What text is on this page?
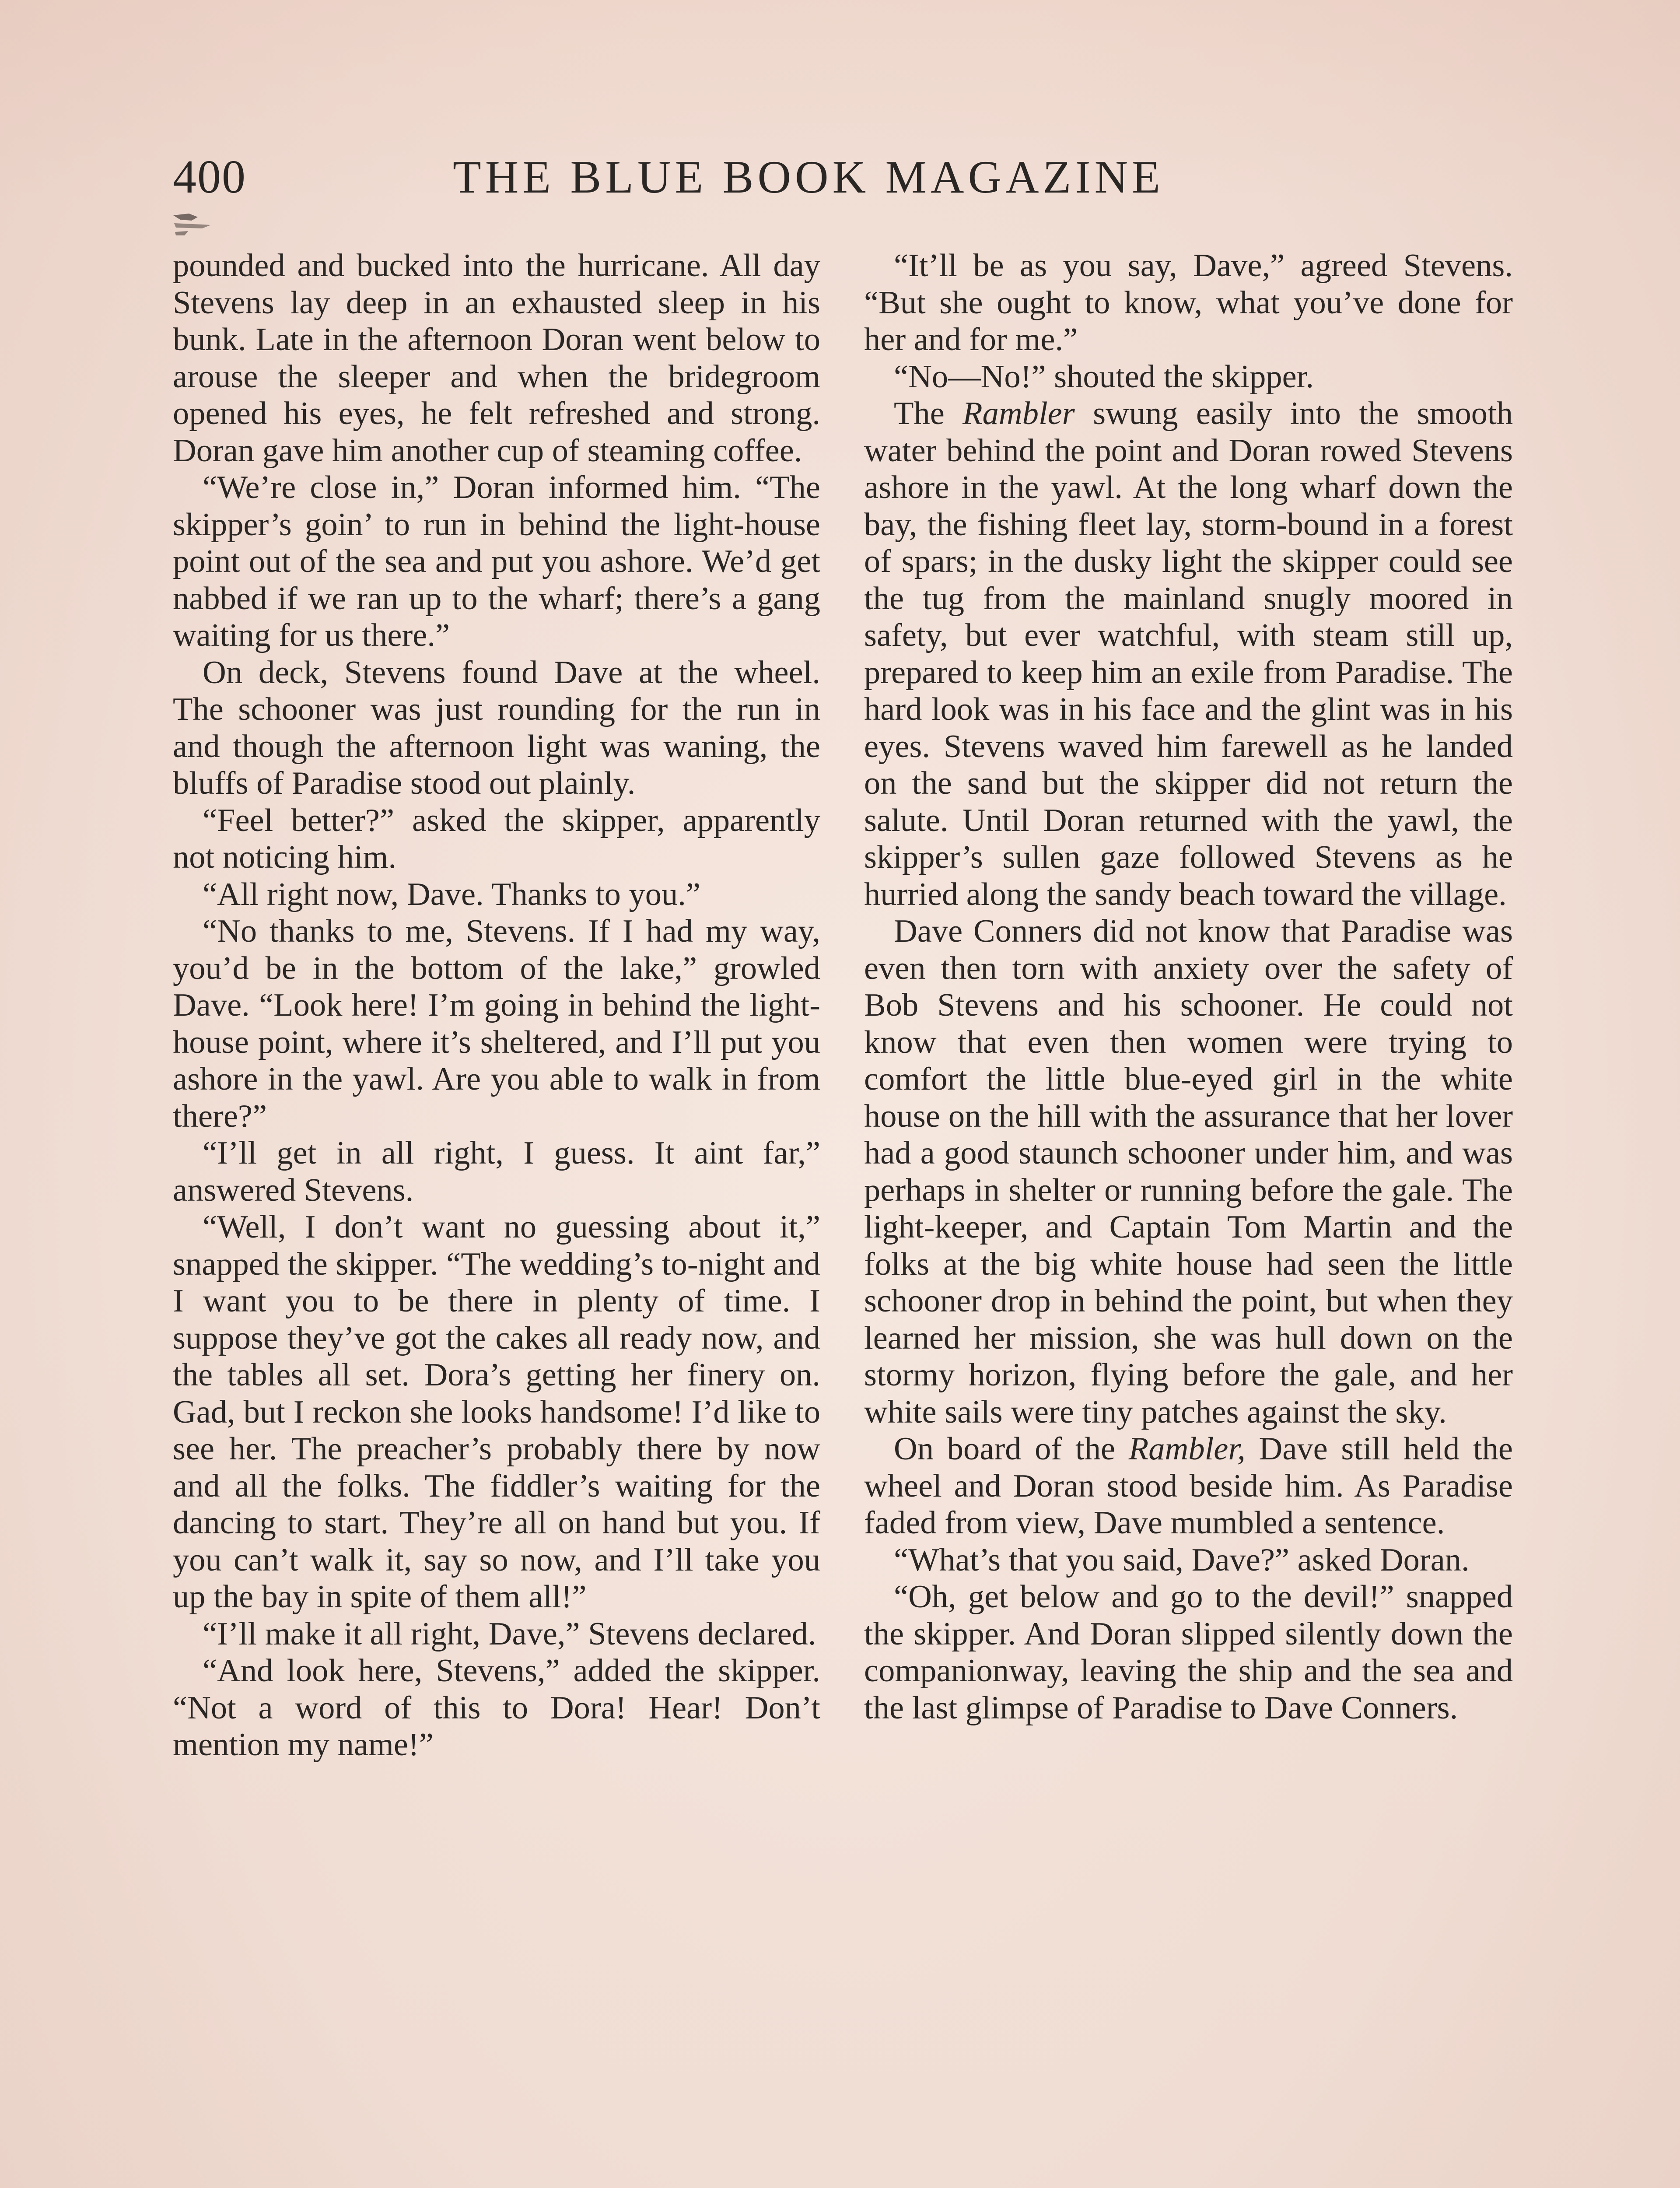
400	THE BLUE BOOK MAGAZINE

pounded and bucked into the hurricane. All day Stevens lay deep in an exhausted sleep in his bunk. Late in the afternoon Doran went below to arouse the sleeper and when the bridegroom opened his eyes, he felt refreshed and strong. Doran gave him another cup of steaming coffee.

“We’re close in,” Doran informed him. “The skipper’s goin’ to run in behind the light-house point out of the sea and put you ashore. We’d get nabbed if we ran up to the wharf; there’s a gang waiting for us there.”

On deck, Stevens found Dave at the wheel. The schooner was just rounding for the run in and though the afternoon light was waning, the bluffs of Paradise stood out plainly.

“Feel better?” asked the skipper, apparently not noticing him.

“All right now, Dave. Thanks to you.”

“No thanks to me, Stevens. If I had my way, you’d be in the bottom of the lake,” growled Dave. “Look here! I’m going in behind the light-house point, where it’s sheltered, and I’ll put you ashore in the yawl. Are you able to walk in from there?”

“I’ll get in all right, I guess. It aint far,” answered Stevens.

“Well, I don’t want no guessing about it,” snapped the skipper. “The wedding’s to-night and I want you to be there in plenty of time. I suppose they’ve got the cakes all ready now, and the tables all set. Dora’s getting her finery on. Gad, but I reckon she looks handsome! I’d like to see her. The preacher’s probably there by now and all the folks. The fiddler’s waiting for the dancing to start. They’re all on hand but you. If you can’t walk it, say so now, and I’ll take you up the bay in spite of them all!”

“I’ll make it all right, Dave,” Stevens declared.

“And look here, Stevens,” added the skipper. “Not a word of this to Dora! Hear! Don’t mention my name!”

“It’ll be as you say, Dave,” agreed Stevens. “But she ought to know, what you’ve done for her and for me.”

“No—No!” shouted the skipper.

The Rambler swung easily into the smooth water behind the point and Doran rowed Stevens ashore in the yawl. At the long wharf down the bay, the fishing fleet lay, storm-bound in a forest of spars; in the dusky light the skipper could see the tug from the mainland snugly moored in safety, but ever watchful, with steam still up, prepared to keep him an exile from Paradise. The hard look was in his face and the glint was in his eyes. Stevens waved him farewell as he landed on the sand but the skipper did not return the salute. Until Doran returned with the yawl, the skipper’s sullen gaze followed Stevens as he hurried along the sandy beach toward the village.

Dave Conners did not know that Paradise was even then torn with anxiety over the safety of Bob Stevens and his schooner. He could not know that even then women were trying to comfort the little blue-eyed girl in the white house on the hill with the assurance that her lover had a good staunch schooner under him, and was perhaps in shelter or running before the gale. The light-keeper, and Captain Tom Martin and the folks at the big white house had seen the little schooner drop in behind the point, but when they learned her mission, she was hull down on the stormy horizon, flying before the gale, and her white sails were tiny patches against the sky.

On board of the Rambler, Dave still held the wheel and Doran stood beside him. As Paradise faded from view, Dave mumbled a sentence.

“What’s that you said, Dave?” asked Doran.

“Oh, get below and go to the devil!” snapped the skipper. And Doran slipped silently down the companionway, leaving the ship and the sea and the last glimpse of Paradise to Dave Conners.
